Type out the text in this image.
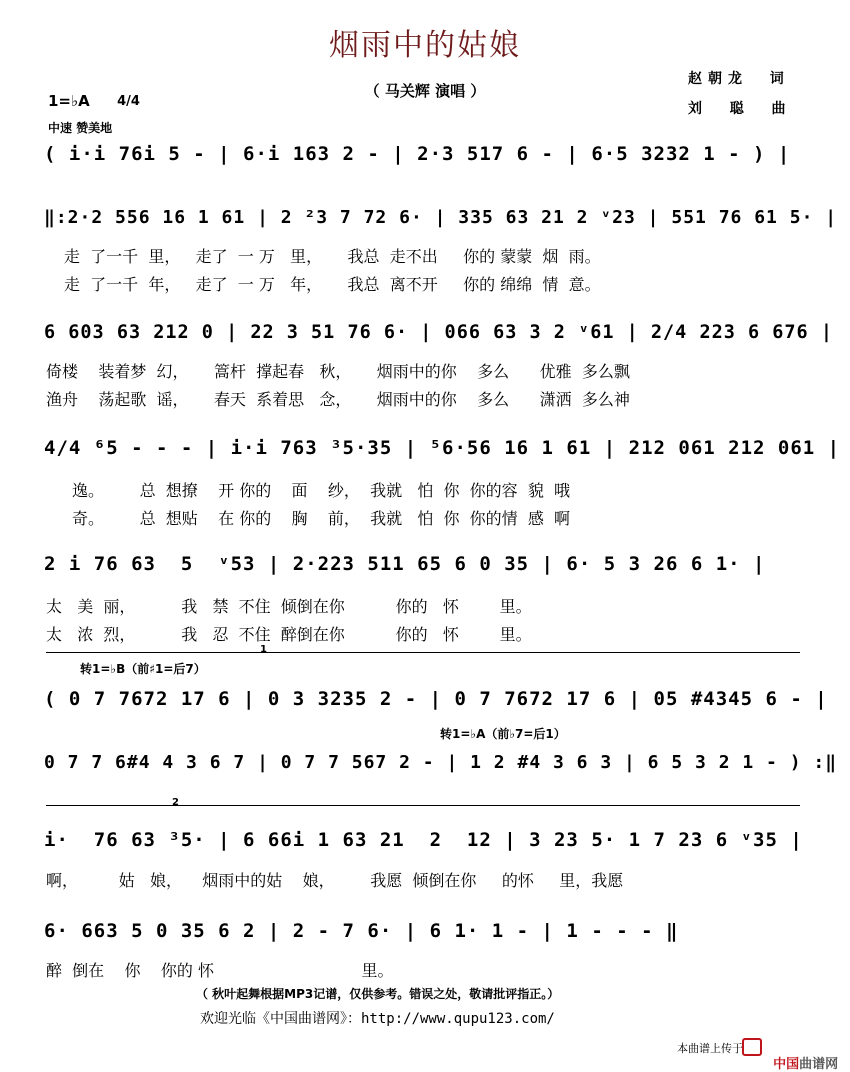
烟雨中的姑娘
（ 马关辉 演唱 ）
赵朝龙  词
刘  聪  曲
1=♭A	4/4

中速 赞美地
( i·i 76i 5 - | 6·i 163 2 - | 2·3 517 6 - | 6·5 3232 1 - ) |
‖:2·2 556 16 1 61 | 2 ²3 7 72 6· | 335 63 21 2 ᵛ23 | 551 76 61 5· |
走  了一千  里，   走了  一 万   里，     我总  走不出     你的 蒙蒙  烟  雨。
走  了一千  年，   走了  一 万   年，     我总  离不开     你的 绵绵  情  意。
6 603 63 212 0 | 22 3 51 76 6· | 066 63 3 2 ᵛ61 | 2/4 223 6 676 |
倚楼    装着梦  幻，     篙杆  撑起春   秋，     烟雨中的你    多么      优雅  多么飘
渔舟    荡起歌  谣，     春天  系着思   念，     烟雨中的你    多么      潇洒  多么神
4/4 ⁶5 - - - | i·i 763 ³5·35 | ⁵6·56 16 1 61 | 212 061 212 061 |
逸。       总  想撩    开 你的    面    纱，  我就   怕  你  你的容  貌  哦
奇。       总  想贴    在 你的    胸    前，  我就   怕  你  你的情  感  啊
2 i 76 63  5  ᵛ53 | 2·223 511 65 6 0 35 | 6· 5 3 26 6 1· |
太   美  丽，         我   禁  不住  倾倒在你          你的   怀        里。
太   浓  烈，         我   忍  不住  醉倒在你          你的   怀        里。
1
转1=♭B（前♯1=后7）
( 0 7 7672 17 6 | 0 3 3235 2 - | 0 7 7672 17 6 | 05 #4345 6 - |
转1=♭A（前♭7=后1）
0 7 7 6#4 4 3 6 7 | 0 7 7 567 2 - | 1 2 #4 3 6 3 | 6 5 3 2 1 - ) :‖
2
i·  76 63 ³5· | 6 66i 1 63 21  2  12 | 3 23 5· 1 7 23 6 ᵛ35 |
啊，        姑   娘，    烟雨中的姑    娘，       我愿  倾倒在你     的怀     里，我愿
6· 663 5 0 35 6 2 | 2 - 7 6· | 6 1· 1 - | 1 - - - ‖
醉  倒在    你    你的 怀                             里。
（ 秋叶起舞根据MP3记谱，仅供参考。错误之处，敬请批评指正。）
欢迎光临《中国曲谱网》：http://www.qupu123.com/
本曲谱上传于

中国曲谱网
